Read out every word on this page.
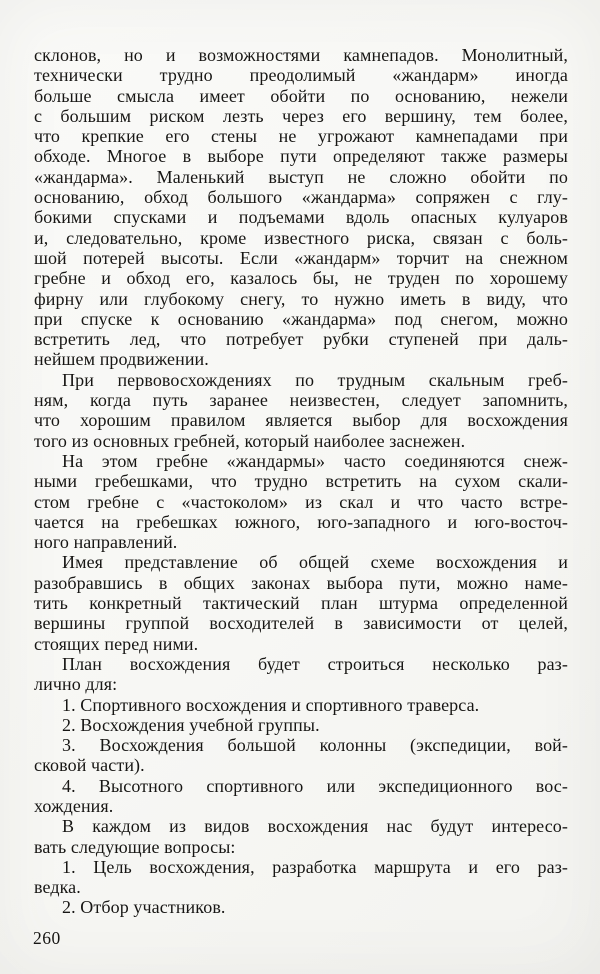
склонов, но и возможностями камнепадов. Монолитный,
технически трудно преодолимый «жандарм» иногда
больше смысла имеет обойти по основанию, нежели
с большим риском лезть через его вершину, тем более,
что крепкие его стены не угрожают камнепадами при
обходе. Многое в выборе пути определяют также размеры
«жандарма». Маленький выступ не сложно обойти по
основанию, обход большого «жандарма» сопряжен с глу-
бокими спусками и подъемами вдоль опасных кулуаров
и, следовательно, кроме известного риска, связан с боль-
шой потерей высоты. Если «жандарм» торчит на снежном
гребне и обход его, казалось бы, не труден по хорошему
фирну или глубокому снегу, то нужно иметь в виду, что
при спуске к основанию «жандарма» под снегом, можно
встретить лед, что потребует рубки ступеней при даль-
нейшем продвижении.

При первовосхождениях по трудным скальным греб-
ням, когда путь заранее неизвестен, следует запомнить,
что хорошим правилом является выбор для восхождения
того из основных гребней, который наиболее заснежен.

На этом гребне «жандармы» часто соединяются снеж-
ными гребешками, что трудно встретить на сухом скали-
стом гребне с «частоколом» из скал и что часто встре-
чается на гребешках южного, юго-западного и юго-восточ-
ного направлений.

Имея представление об общей схеме восхождения и
разобравшись в общих законах выбора пути, можно наме-
тить конкретный тактический план штурма определенной
вершины группой восходителей в зависимости от целей,
стоящих перед ними.

План восхождения будет строиться несколько раз-
лично для:

1. Спортивного восхождения и спортивного траверса.

2. Восхождения учебной группы.

3. Восхождения большой колонны (экспедиции, вой-
сковой части).

4. Высотного спортивного или экспедиционного вос-
хождения.

В каждом из видов восхождения нас будут интересо-
вать следующие вопросы:

1. Цель восхождения, разработка маршрута и его раз-
ведка.

2. Отбор участников.

260
